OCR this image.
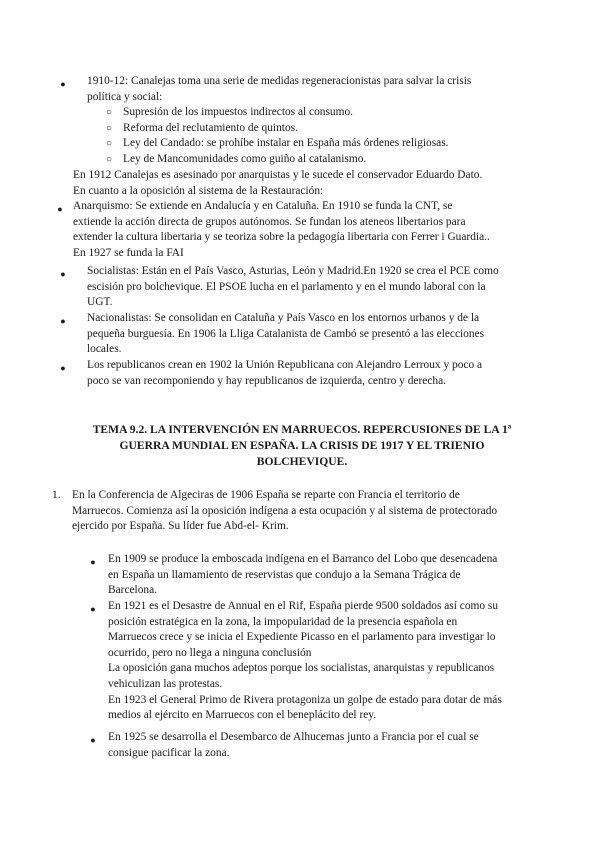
● 1910-12: Canalejas toma una serie de medidas regeneracionistas para salvar la crisis
política y social:
○ Supresión de los impuestos indirectos al consumo.
○ Reforma del reclutamiento de quintos.
○ Ley del Candado: se prohíbe instalar en España más órdenes religiosas.
○ Ley de Mancomunidades como guiño al catalanismo.
En 1912 Canalejas es asesinado por anarquistas y le sucede el conservador Eduardo Dato.
En cuanto a la oposición al sistema de la Restauración:
● Anarquismo: Se extiende en Andalucía y en Cataluña. En 1910 se funda la CNT, se
extiende la acción directa de grupos autónomos. Se fundan los ateneos libertarios para
extender la cultura libertaria y se teoriza sobre la pedagogía libertaria con Ferrer i Guardia..
En 1927 se funda la FAI
● Socialistas: Están en el País Vasco, Asturias, León y Madrid.En 1920 se crea el PCE como
escisión pro bolchevique. El PSOE lucha en el parlamento y en el mundo laboral con la
UGT.
● Nacionalistas: Se consolidan en Cataluña y País Vasco en los entornos urbanos y de la
pequeña burguesía. En 1906 la Lliga Catalanista de Cambó se presentó a las elecciones
locales.
● Los republicanos crean en 1902 la Unión Republicana con Alejandro Lerroux y poco a
poco se van recomponiendo y hay republicanos de izquierda, centro y derecha.
TEMA 9.2. LA INTERVENCIÓN EN MARRUECOS. REPERCUSIONES DE LA 1ª
GUERRA MUNDIAL EN ESPAÑA. LA CRISIS DE 1917 Y EL TRIENIO
BOLCHEVIQUE.
1. En la Conferencia de Algeciras de 1906 España se reparte con Francia el territorio de
Marruecos. Comienza así la oposición indígena a esta ocupación y al sistema de protectorado
ejercido por España. Su líder fue Abd-el- Krim.
● En 1909 se produce la emboscada indígena en el Barranco del Lobo que desencadena
en España un llamamiento de reservistas que condujo a la Semana Trágica de
Barcelona.
● En 1921 es el Desastre de Annual en el Rif, España pierde 9500 soldados así como su
posición estratégica en la zona, la impopularidad de la presencia española en
Marruecos crece y se inicia el Expediente Picasso en el parlamento para investigar lo
ocurrido, pero no llega a ninguna conclusión
La oposición gana muchos adeptos porque los socialistas, anarquistas y republicanos
vehiculizan las protestas.
En 1923 el General Primo de Rivera protagoniza un golpe de estado para dotar de más
medios al ejército en Marruecos con el beneplácito del rey.
● En 1925 se desarrolla el Desembarco de Alhucemas junto a Francia por el cual se
consigue pacificar la zona.
